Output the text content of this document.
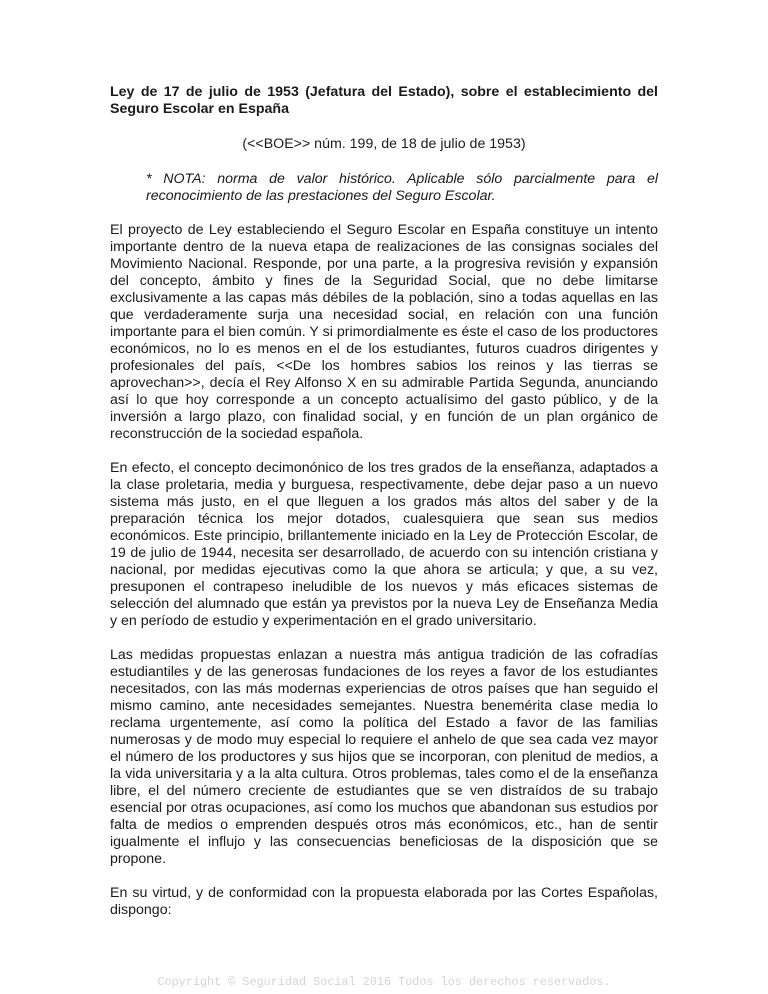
Ley de 17 de julio de 1953 (Jefatura del Estado), sobre el establecimiento del Seguro Escolar en España

(<<BOE>> núm. 199, de 18 de julio de 1953)

* NOTA: norma de valor histórico. Aplicable sólo parcialmente para el reconocimiento de las prestaciones del Seguro Escolar.

El proyecto de Ley estableciendo el Seguro Escolar en España constituye un intento importante dentro de la nueva etapa de realizaciones de las consignas sociales del Movimiento Nacional. Responde, por una parte, a la progresiva revisión y expansión del concepto, ámbito y fines de la Seguridad Social, que no debe limitarse exclusivamente a las capas más débiles de la población, sino a todas aquellas en las que verdaderamente surja una necesidad social, en relación con una función importante para el bien común. Y si primordialmente es éste el caso de los productores económicos, no lo es menos en el de los estudiantes, futuros cuadros dirigentes y profesionales del país, <<De los hombres sabios los reinos y las tierras se aprovechan>>, decía el Rey Alfonso X en su admirable Partida Segunda, anunciando así lo que hoy corresponde a un concepto actualísimo del gasto público, y de la inversión a largo plazo, con finalidad social, y en función de un plan orgánico de reconstrucción de la sociedad española.

En efecto, el concepto decimonónico de los tres grados de la enseñanza, adaptados a la clase proletaria, media y burguesa, respectivamente, debe dejar paso a un nuevo sistema más justo, en el que lleguen a los grados más altos del saber y de la preparación técnica los mejor dotados, cualesquiera que sean sus medios económicos. Este principio, brillantemente iniciado en la Ley de Protección Escolar, de 19 de julio de 1944, necesita ser desarrollado, de acuerdo con su intención cristiana y nacional, por medidas ejecutivas como la que ahora se articula; y que, a su vez, presuponen el contrapeso ineludible de los nuevos y más eficaces sistemas de selección del alumnado que están ya previstos por la nueva Ley de Enseñanza Media y en período de estudio y experimentación en el grado universitario.

Las medidas propuestas enlazan a nuestra más antigua tradición de las cofradías estudiantiles y de las generosas fundaciones de los reyes a favor de los estudiantes necesitados, con las más modernas experiencias de otros países que han seguido el mismo camino, ante necesidades semejantes. Nuestra benemérita clase media lo reclama urgentemente, así como la política del Estado a favor de las familias numerosas y de modo muy especial lo requiere el anhelo de que sea cada vez mayor el número de los productores y sus hijos que se incorporan, con plenitud de medios, a la vida universitaria y a la alta cultura. Otros problemas, tales como el de la enseñanza libre, el del número creciente de estudiantes que se ven distraídos de su trabajo esencial por otras ocupaciones, así como los muchos que abandonan sus estudios por falta de medios o emprenden después otros más económicos, etc., han de sentir igualmente el influjo y las consecuencias beneficiosas de la disposición que se propone.

En su virtud, y de conformidad con la propuesta elaborada por las Cortes Españolas, dispongo:

Copyright © Seguridad Social 2016 Todos los derechos reservados.
